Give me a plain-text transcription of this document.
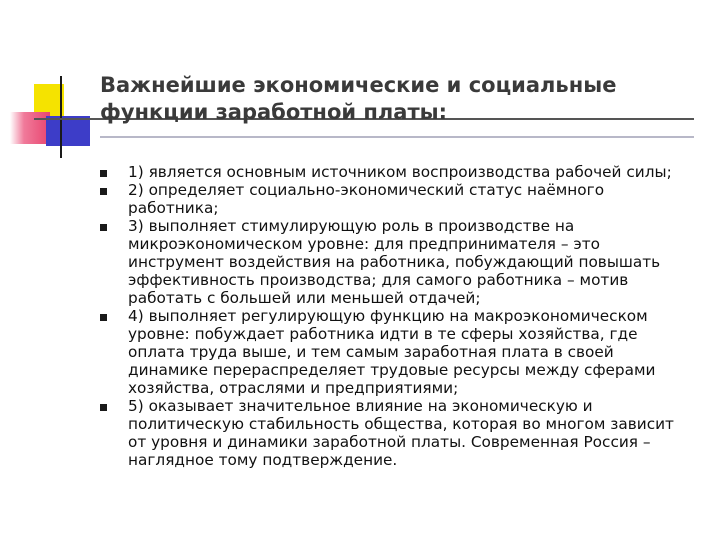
Важнейшие экономические и социальные функции заработной платы:
1) является основным источником воспроизводства рабочей силы;
2) определяет социально-экономический статус наёмного работника;
3) выполняет стимулирующую роль в производстве на микроэкономическом уровне: для предпринимателя – это инструмент воздействия на работника, побуждающий повышать эффективность производства; для самого работника – мотив работать с большей или меньшей отдачей;
4) выполняет регулирующую функцию на макроэкономическом уровне: побуждает работника идти в те сферы хозяйства, где оплата труда выше, и тем самым заработная плата в своей динамике перераспределяет трудовые ресурсы между сферами хозяйства, отраслями и предприятиями;
5) оказывает значительное влияние на экономическую и политическую стабильность общества, которая во многом зависит от уровня и динамики заработной платы. Современная Россия – наглядное тому подтверждение.
